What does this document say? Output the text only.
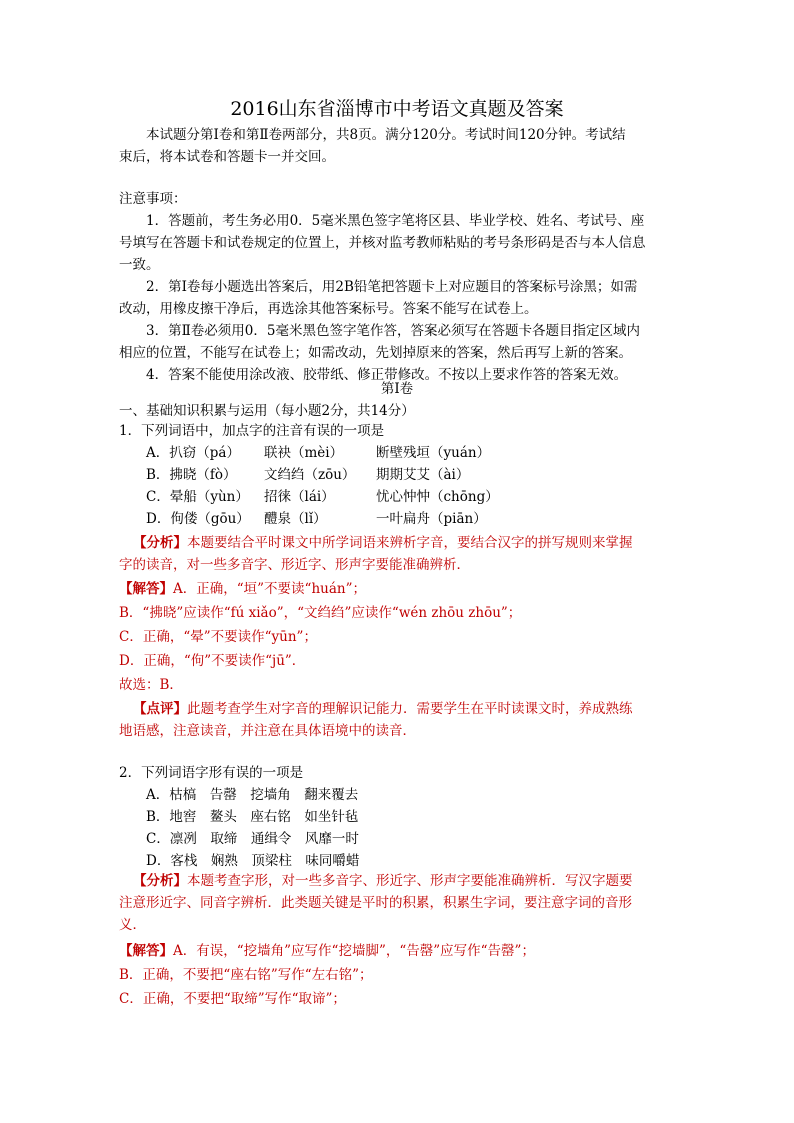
2016山东省淄博市中考语文真题及答案
本试题分第Ⅰ卷和第Ⅱ卷两部分，共8页。满分120分。考试时间120分钟。考试结
束后，将本试卷和答题卡一并交回。
注意事项：
1．答题前，考生务必用0．5毫米黑色签字笔将区县、毕业学校、姓名、考试号、座
号填写在答题卡和试卷规定的位置上，并核对监考教师粘贴的考号条形码是否与本人信息
一致。
2．第Ⅰ卷每小题选出答案后，用2B铅笔把答题卡上对应题目的答案标号涂黑；如需
改动，用橡皮擦干净后，再选涂其他答案标号。答案不能写在试卷上。
3．第Ⅱ卷必须用0．5毫米黑色签字笔作答，答案必须写在答题卡各题目指定区域内
相应的位置，不能写在试卷上；如需改动，先划掉原来的答案，然后再写上新的答案。
4．答案不能使用涂改液、胶带纸、修正带修改。不按以上要求作答的答案无效。
第Ⅰ卷
一、基础知识积累与运用（每小题2分，共14分）
1．下列词语中，加点字的注音有误的一项是
A．扒窃（pá） 联袂（mèi） 断壁残垣（yuán）
B．拂晓（fò） 文绉绉（zōu） 期期艾艾（ài）
C．晕船（yùn） 招徕（lái）	忧心忡忡（chōng）
D．佝偻（gōu） 醴泉（lǐ）	一叶扁舟（piān）
【分析】本题要结合平时课文中所学词语来辨析字音，要结合汉字的拼写规则来掌握
字的读音，对一些多音字、形近字、形声字要能准确辨析．
【解答】A．正确，“垣”不要读“huán”；
B．“拂晓”应读作“fú xiǎo”，“文绉绉”应读作“wén zhōu zhōu”；
C．正确，“晕”不要读作“yūn”；
D．正确，“佝”不要读作“jū”．
故选：B．
【点评】此题考查学生对字音的理解识记能力．需要学生在平时读课文时，养成熟练
地语感，注意读音，并注意在具体语境中的读音．
2．下列词语字形有误的一项是
A．枯槁　告罄　挖墙角　翻来覆去
B．地窖　鳌头　座右铭　如坐针毡
C．凛冽　取缔　通缉令　风靡一时
D．客栈　娴熟　顶梁柱　味同嚼蜡
【分析】本题考查字形，对一些多音字、形近字、形声字要能准确辨析．写汉字题要
注意形近字、同音字辨析．此类题关键是平时的积累，积累生字词，要注意字词的音形
义．
【解答】A．有误，“挖墙角”应写作“挖墙脚”，“告罄”应写作“告罄”；
B．正确，不要把“座右铭”写作“左右铭”；
C．正确，不要把“取缔”写作“取谛”；
